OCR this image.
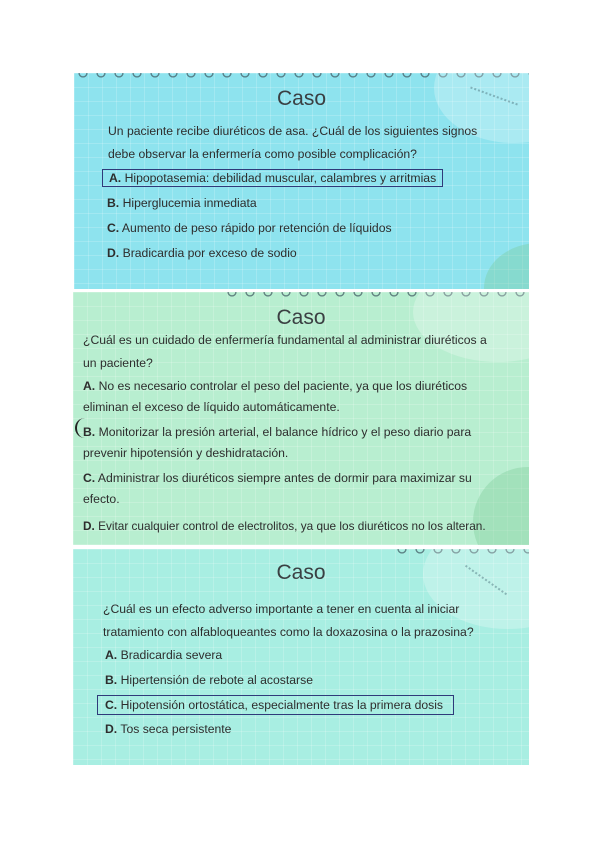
Caso
Un paciente recibe diuréticos de asa. ¿Cuál de los siguientes signos
debe observar la enfermería como posible complicación?
A. Hipopotasemia: debilidad muscular, calambres y arritmias
B. Hiperglucemia inmediata
C. Aumento de peso rápido por retención de líquidos
D. Bradicardia por exceso de sodio
Caso
¿Cuál es un cuidado de enfermería fundamental al administrar diuréticos a
un paciente?
A. No es necesario controlar el peso del paciente, ya que los diuréticos
eliminan el exceso de líquido automáticamente.
B. Monitorizar la presión arterial, el balance hídrico y el peso diario para
prevenir hipotensión y deshidratación.
C. Administrar los diuréticos siempre antes de dormir para maximizar su
efecto.
D. Evitar cualquier control de electrolitos, ya que los diuréticos no los alteran.
Caso
¿Cuál es un efecto adverso importante a tener en cuenta al iniciar
tratamiento con alfabloqueantes como la doxazosina o la prazosina?
A. Bradicardia severa
B. Hipertensión de rebote al acostarse
C. Hipotensión ortostática, especialmente tras la primera dosis
D. Tos seca persistente
